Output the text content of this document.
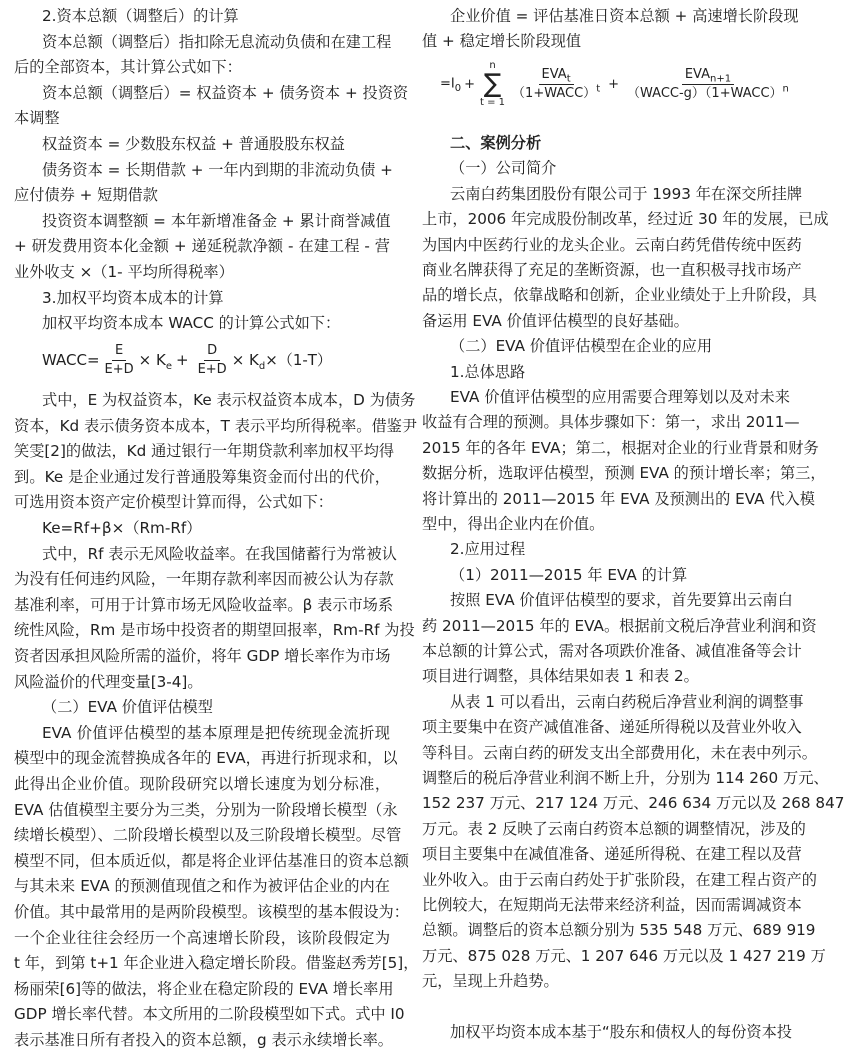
2.资本总额（调整后）的计算
资本总额（调整后）指扣除无息流动负债和在建工程
后的全部资本，其计算公式如下：
资本总额（调整后）= 权益资本 + 债务资本 + 投资资
本调整
权益资本 = 少数股东权益 + 普通股股东权益
债务资本 = 长期借款 + 一年内到期的非流动负债 +
应付债券 + 短期借款
投资资本调整额 = 本年新增准备金 + 累计商誉减值
+ 研发费用资本化金额 + 递延税款净额 - 在建工程 - 营
业外收支 ×（1- 平均所得税率）
3.加权平均资本成本的计算
加权平均资本成本 WACC 的计算公式如下：
式中，E 为权益资本，Ke 表示权益资本成本，D 为债务
资本，Kd 表示债务资本成本，T 表示平均所得税率。借鉴尹
笑雯[2]的做法，Kd 通过银行一年期贷款利率加权平均得
到。Ke 是企业通过发行普通股筹集资金而付出的代价，
可选用资本资产定价模型计算而得，公式如下：
Ke=Rf+β×（Rm-Rf）
式中，Rf 表示无风险收益率。在我国储蓄行为常被认
为没有任何违约风险，一年期存款利率因而被公认为存款
基准利率，可用于计算市场无风险收益率。β 表示市场系
统性风险，Rm 是市场中投资者的期望回报率，Rm-Rf 为投
资者因承担风险所需的溢价，将年 GDP 增长率作为市场
风险溢价的代理变量[3-4]。
（二）EVA 价值评估模型
EVA 价值评估模型的基本原理是把传统现金流折现
模型中的现金流替换成各年的 EVA，再进行折现求和，以
此得出企业价值。现阶段研究以增长速度为划分标准，
EVA 估值模型主要分为三类，分别为一阶段增长模型（永
续增长模型）、二阶段增长模型以及三阶段增长模型。尽管
模型不同，但本质近似，都是将企业评估基准日的资本总额
与其未来 EVA 的预测值现值之和作为被评估企业的内在
价值。其中最常用的是两阶段模型。该模型的基本假设为：
一个企业往往会经历一个高速增长阶段，该阶段假定为
t 年，到第 t+1 年企业进入稳定增长阶段。借鉴赵秀芳[5]，
杨丽荣[6]等的做法，将企业在稳定阶段的 EVA 增长率用
GDP 增长率代替。本文所用的二阶段模型如下式。式中 I0
表示基准日所有者投入的资本总额，g 表示永续增长率。
企业价值 = 评估基准日资本总额 + 高速增长阶段现
值 + 稳定增长阶段现值
二、案例分析
（一）公司简介
云南白药集团股份有限公司于 1993 年在深交所挂牌
上市，2006 年完成股份制改革，经过近 30 年的发展，已成
为国内中医药行业的龙头企业。云南白药凭借传统中医药
商业名牌获得了充足的垄断资源，也一直积极寻找市场产
品的增长点，依靠战略和创新，企业业绩处于上升阶段，具
备运用 EVA 价值评估模型的良好基础。
（二）EVA 价值评估模型在企业的应用
1.总体思路
EVA 价值评估模型的应用需要合理筹划以及对未来
收益有合理的预测。具体步骤如下：第一，求出 2011—
2015 年的各年 EVA；第二，根据对企业的行业背景和财务
数据分析，选取评估模型，预测 EVA 的预计增长率；第三，
将计算出的 2011—2015 年 EVA 及预测出的 EVA 代入模
型中，得出企业内在价值。
2.应用过程
（1）2011—2015 年 EVA 的计算
按照 EVA 价值评估模型的要求，首先要算出云南白
药 2011—2015 年的 EVA。根据前文税后净营业利润和资
本总额的计算公式，需对各项跌价准备、减值准备等会计
项目进行调整，具体结果如表 1 和表 2。
从表 1 可以看出，云南白药税后净营业利润的调整事
项主要集中在资产减值准备、递延所得税以及营业外收入
等科目。云南白药的研发支出全部费用化，未在表中列示。
调整后的税后净营业利润不断上升，分别为 114 260 万元、
152 237 万元、217 124 万元、246 634 万元以及 268 847
万元。表 2 反映了云南白药资本总额的调整情况，涉及的
项目主要集中在减值准备、递延所得税、在建工程以及营
业外收入。由于云南白药处于扩张阶段，在建工程占资产的
比例较大，在短期尚无法带来经济利益，因而需调减资本
总额。调整后的资本总额分别为 535 548 万元、689 919
万元、875 028 万元、1 207 646 万元以及 1 427 219 万
元，呈现上升趋势。
加权平均资本成本基于“股东和债权人的每份资本投
WACC= $\frac{E}{E+D} \times K_e + \frac{D}{E+D} \times K_d\times(1-T)$
$=I_0$ +
n
∑
$t = 1 \frac{EVA_t}{(1+WACC)^t} + \frac{EVA_{n+1}}{(WACC-g)(1+WACC)^n}$
